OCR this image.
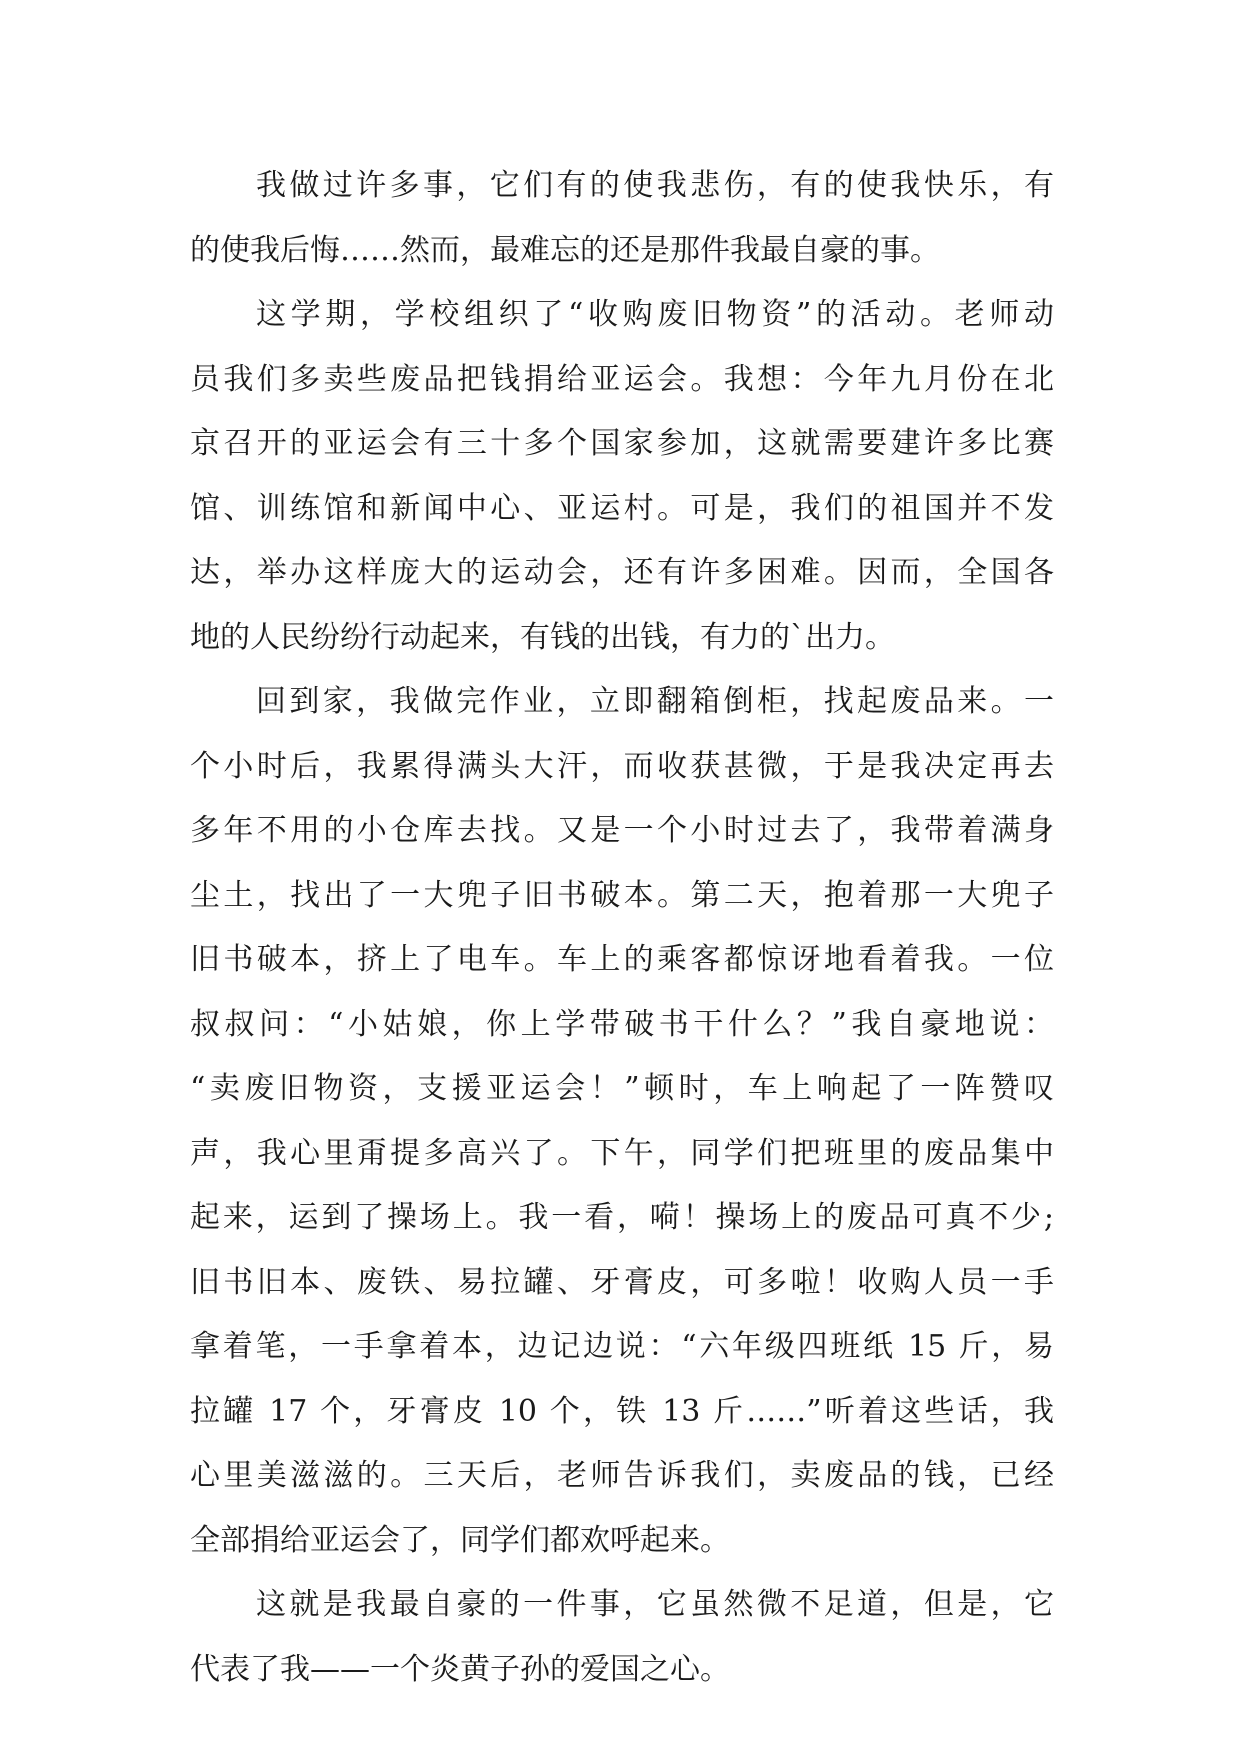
我做过许多事，它们有的使我悲伤，有的使我快乐，有
的使我后悔……然而，最难忘的还是那件我最自豪的事。
这学期，学校组织了“收购废旧物资”的活动。老师动
员我们多卖些废品把钱捐给亚运会。我想：今年九月份在北
京召开的亚运会有三十多个国家参加，这就需要建许多比赛
馆、训练馆和新闻中心、亚运村。可是，我们的祖国并不发
达，举办这样庞大的运动会，还有许多困难。因而，全国各
地的人民纷纷行动起来，有钱的出钱，有力的`出力。
回到家，我做完作业，立即翻箱倒柜，找起废品来。一
个小时后，我累得满头大汗，而收获甚微，于是我决定再去
多年不用的小仓库去找。又是一个小时过去了，我带着满身
尘土，找出了一大兜子旧书破本。第二天，抱着那一大兜子
旧书破本，挤上了电车。车上的乘客都惊讶地看着我。一位
叔叔问：“小姑娘，你上学带破书干什么？”我自豪地说：
“卖废旧物资，支援亚运会！”顿时，车上响起了一阵赞叹
声，我心里甭提多高兴了。下午，同学们把班里的废品集中
起来，运到了操场上。我一看，嗬！操场上的废品可真不少;
旧书旧本、废铁、易拉罐、牙膏皮，可多啦！收购人员一手
拿着笔，一手拿着本，边记边说：“六年级四班纸 15 斤，易
拉罐 17 个，牙膏皮 10 个，铁 13 斤……”听着这些话，我
心里美滋滋的。三天后，老师告诉我们，卖废品的钱，已经
全部捐给亚运会了，同学们都欢呼起来。
这就是我最自豪的一件事，它虽然微不足道，但是，它
代表了我——一个炎黄子孙的爱国之心。
